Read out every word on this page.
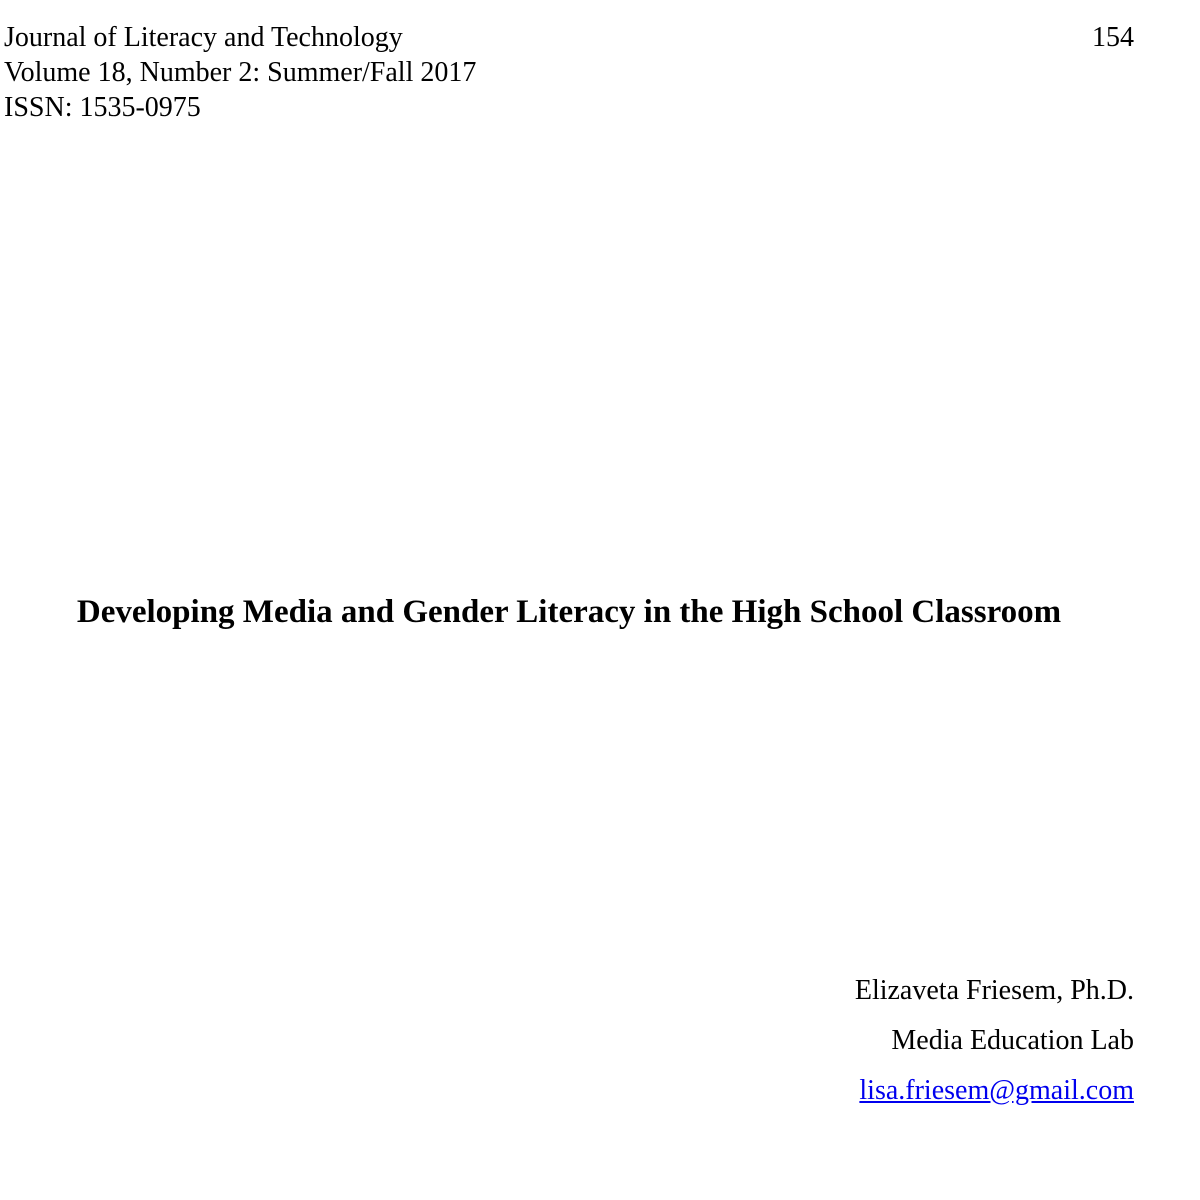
Journal of Literacy and Technology
Volume 18, Number 2: Summer/Fall 2017
ISSN: 1535-0975
154
Developing Media and Gender Literacy in the High School Classroom
Elizaveta Friesem, Ph.D.
Media Education Lab
lisa.friesem@gmail.com
